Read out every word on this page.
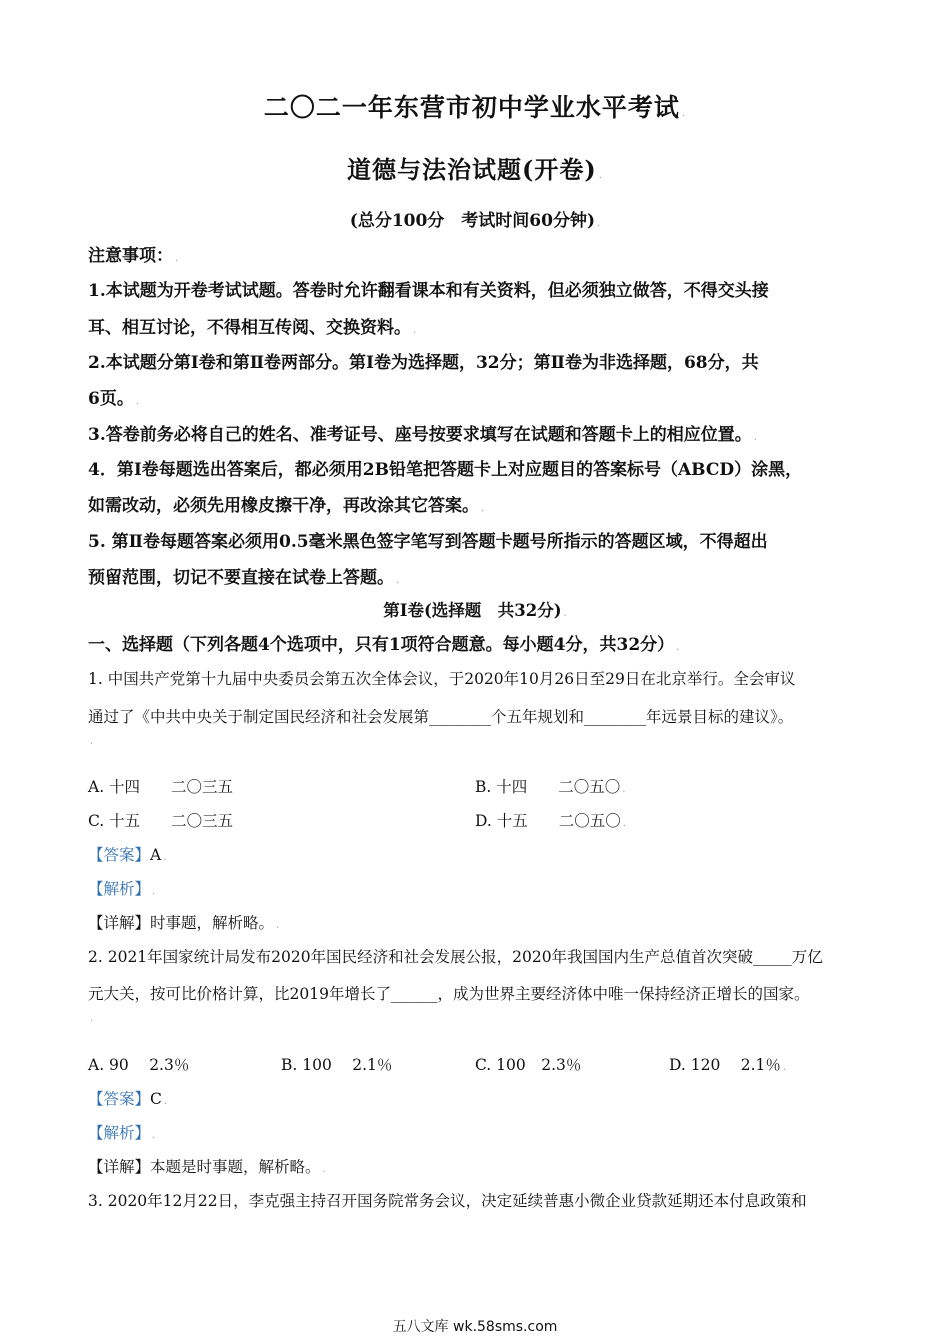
二〇二一年东营市初中学业水平考试 .
道德与法治试题(开卷) .
(总分100分　考试时间60分钟) .
注意事项： .
1.本试题为开卷考试试题。答卷时允许翻看课本和有关资料，但必须独立做答，不得交头接
耳、相互讨论，不得相互传阅、交换资料。 .
2.本试题分第Ⅰ卷和第Ⅱ卷两部分。第Ⅰ卷为选择题，32分；第Ⅱ卷为非选择题，68分，共
6页。 .
3.答卷前务必将自己的姓名、准考证号、座号按要求填写在试题和答题卡上的相应位置。 .
4．第Ⅰ卷每题选出答案后，都必须用2B铅笔把答题卡上对应题目的答案标号（ABCD）涂黑，
如需改动，必须先用橡皮擦干净，再改涂其它答案。 .
5. 第Ⅱ卷每题答案必须用0.5毫米黑色签字笔写到答题卡题号所指示的答题区域，不得超出
预留范围，切记不要直接在试卷上答题。 .
第Ⅰ卷(选择题　共32分) .
一、选择题（下列各题4个选项中，只有1项符合题意。每小题4分，共32分） .
1. 中国共产党第十九届中央委员会第五次全体会议，于2020年10月26日至29日在北京举行。全会审议
通过了《中共中央关于制定国民经济和社会发展第________个五年规划和________年远景目标的建议》。
.
A. 十四　　二〇三五	B. 十四　　二〇五〇 .
C. 十五　　二〇三五	D. 十五　　二〇五〇 .
【答案】A .
【解析】 .
【详解】时事题，解析略。 .
2. 2021年国家统计局发布2020年国民经济和社会发展公报，2020年我国国内生产总值首次突破_____万亿
元大关，按可比价格计算，比2019年增长了______，成为世界主要经济体中唯一保持经济正增长的国家。
.
A. 90　 2.3％	B. 100　 2.1％	C. 100　2.3％	D. 120　 2.1％ .
【答案】C .
【解析】 .
【详解】本题是时事题，解析略。 .
3. 2020年12月22日，李克强主持召开国务院常务会议，决定延续普惠小微企业贷款延期还本付息政策和
五八文库 wk.58sms.com
